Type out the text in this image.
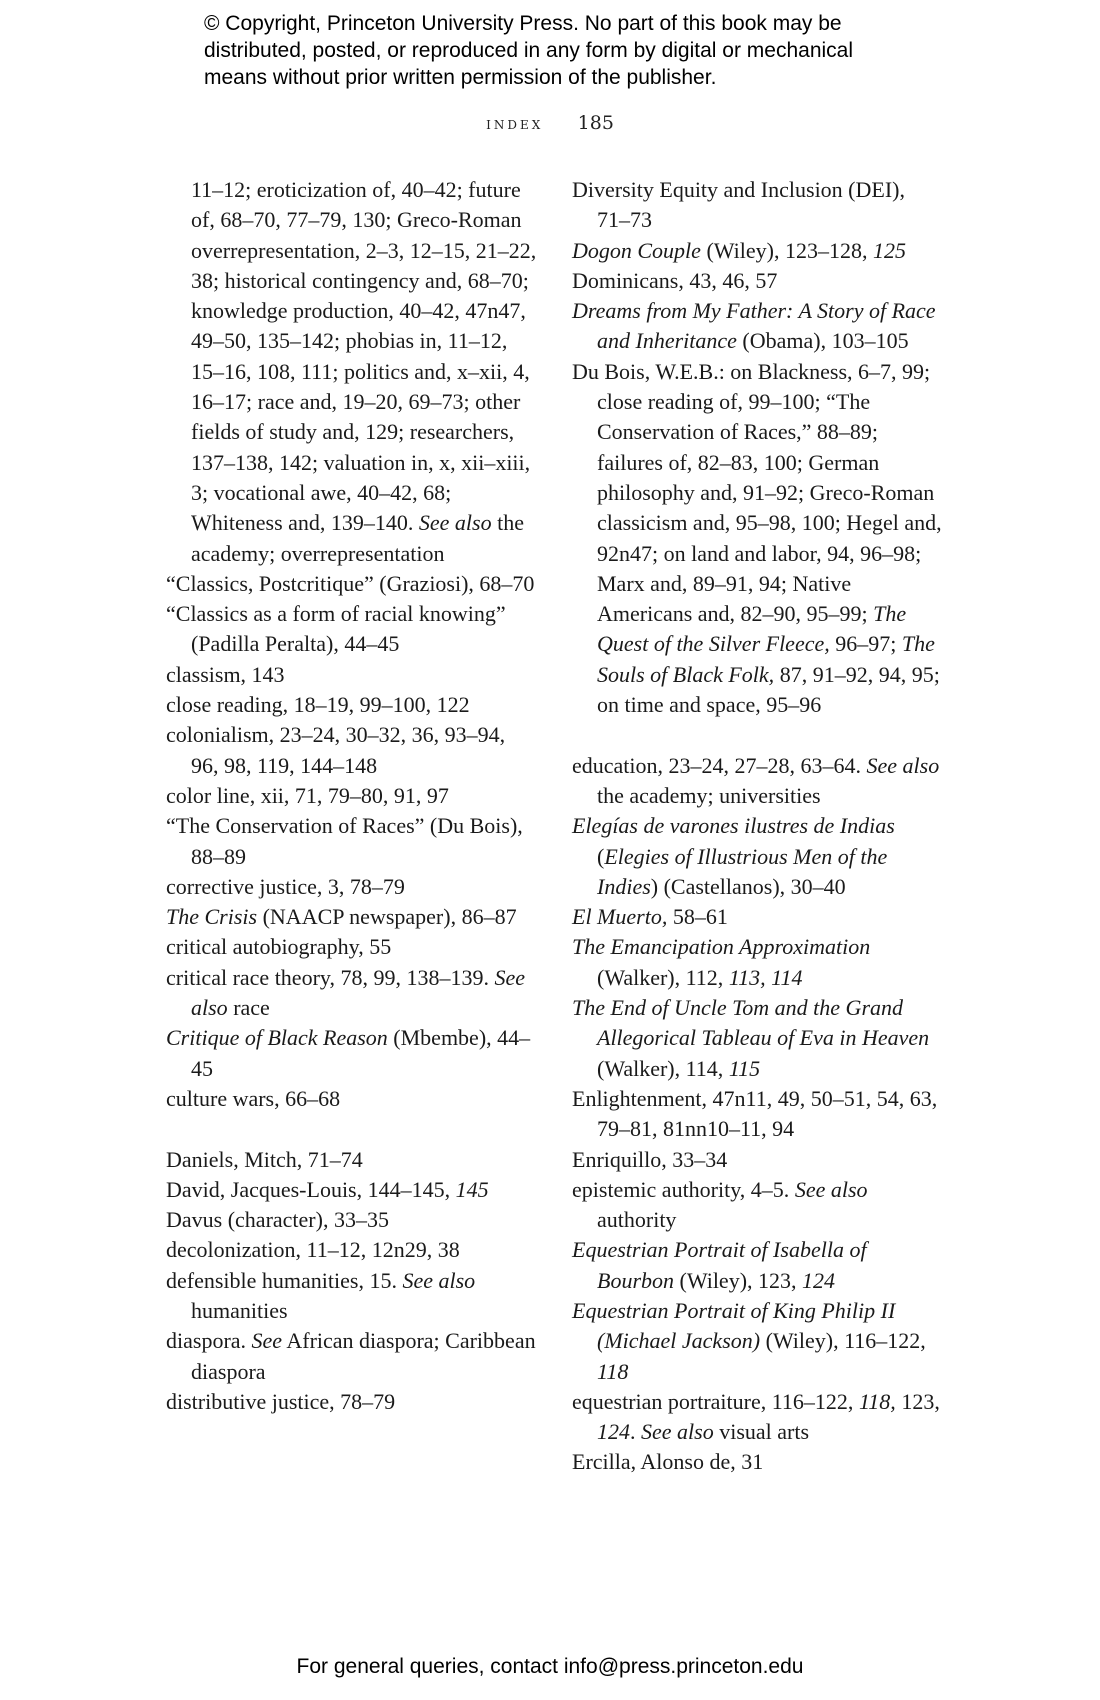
© Copyright, Princeton University Press. No part of this book may be
distributed, posted, or reproduced in any form by digital or mechanical
means without prior written permission of the publisher.
index 185

11–12; eroticization of, 40–42; future of, 68–70, 77–79, 130; Greco-Roman overrepresentation, 2–3, 12–15, 21–22, 38; historical contingency and, 68–70; knowledge production, 40–42, 47n47, 49–50, 135–142; phobias in, 11–12, 15–16, 108, 111; politics and, x–xii, 4, 16–17; race and, 19–20, 69–73; other fields of study and, 129; researchers, 137–138, 142; valuation in, x, xii–xiii, 3; vocational awe, 40–42, 68; Whiteness and, 139–140. See also the academy; overrepresentation

“Classics, Postcritique” (Graziosi), 68–70

“Classics as a form of racial knowing” (Padilla Peralta), 44–45

classism, 143

close reading, 18–19, 99–100, 122

colonialism, 23–24, 30–32, 36, 93–94, 96, 98, 119, 144–148

color line, xii, 71, 79–80, 91, 97

“The Conservation of Races” (Du Bois), 88–89

corrective justice, 3, 78–79

The Crisis (NAACP newspaper), 86–87

critical autobiography, 55

critical race theory, 78, 99, 138–139. See also race

Critique of Black Reason (Mbembe), 44–45

culture wars, 66–68

Daniels, Mitch, 71–74

David, Jacques-Louis, 144–145, 145

Davus (character), 33–35

decolonization, 11–12, 12n29, 38

defensible humanities, 15. See also humanities

diaspora. See African diaspora; Caribbean diaspora

distributive justice, 78–79

Diversity Equity and Inclusion (DEI), 71–73

Dogon Couple (Wiley), 123–128, 125

Dominicans, 43, 46, 57

Dreams from My Father: A Story of Race and Inheritance (Obama), 103–105

Du Bois, W.E.B.: on Blackness, 6–7, 99; close reading of, 99–100; “The Conservation of Races,” 88–89; failures of, 82–83, 100; German philosophy and, 91–92; Greco-Roman classicism and, 95–98, 100; Hegel and, 92n47; on land and labor, 94, 96–98; Marx and, 89–91, 94; Native Americans and, 82–90, 95–99; The Quest of the Silver Fleece, 96–97; The Souls of Black Folk, 87, 91–92, 94, 95; on time and space, 95–96

education, 23–24, 27–28, 63–64. See also the academy; universities

Elegías de varones ilustres de Indias (Elegies of Illustrious Men of the Indies) (Castellanos), 30–40

El Muerto, 58–61

The Emancipation Approximation (Walker), 112, 113, 114

The End of Uncle Tom and the Grand Allegorical Tableau of Eva in Heaven (Walker), 114, 115

Enlightenment, 47n11, 49, 50–51, 54, 63, 79–81, 81nn10–11, 94

Enriquillo, 33–34

epistemic authority, 4–5. See also authority

Equestrian Portrait of Isabella of Bourbon (Wiley), 123, 124

Equestrian Portrait of King Philip II (Michael Jackson) (Wiley), 116–122, 118

equestrian portraiture, 116–122, 118, 123, 124. See also visual arts

Ercilla, Alonso de, 31

For general queries, contact info@press.princeton.edu
